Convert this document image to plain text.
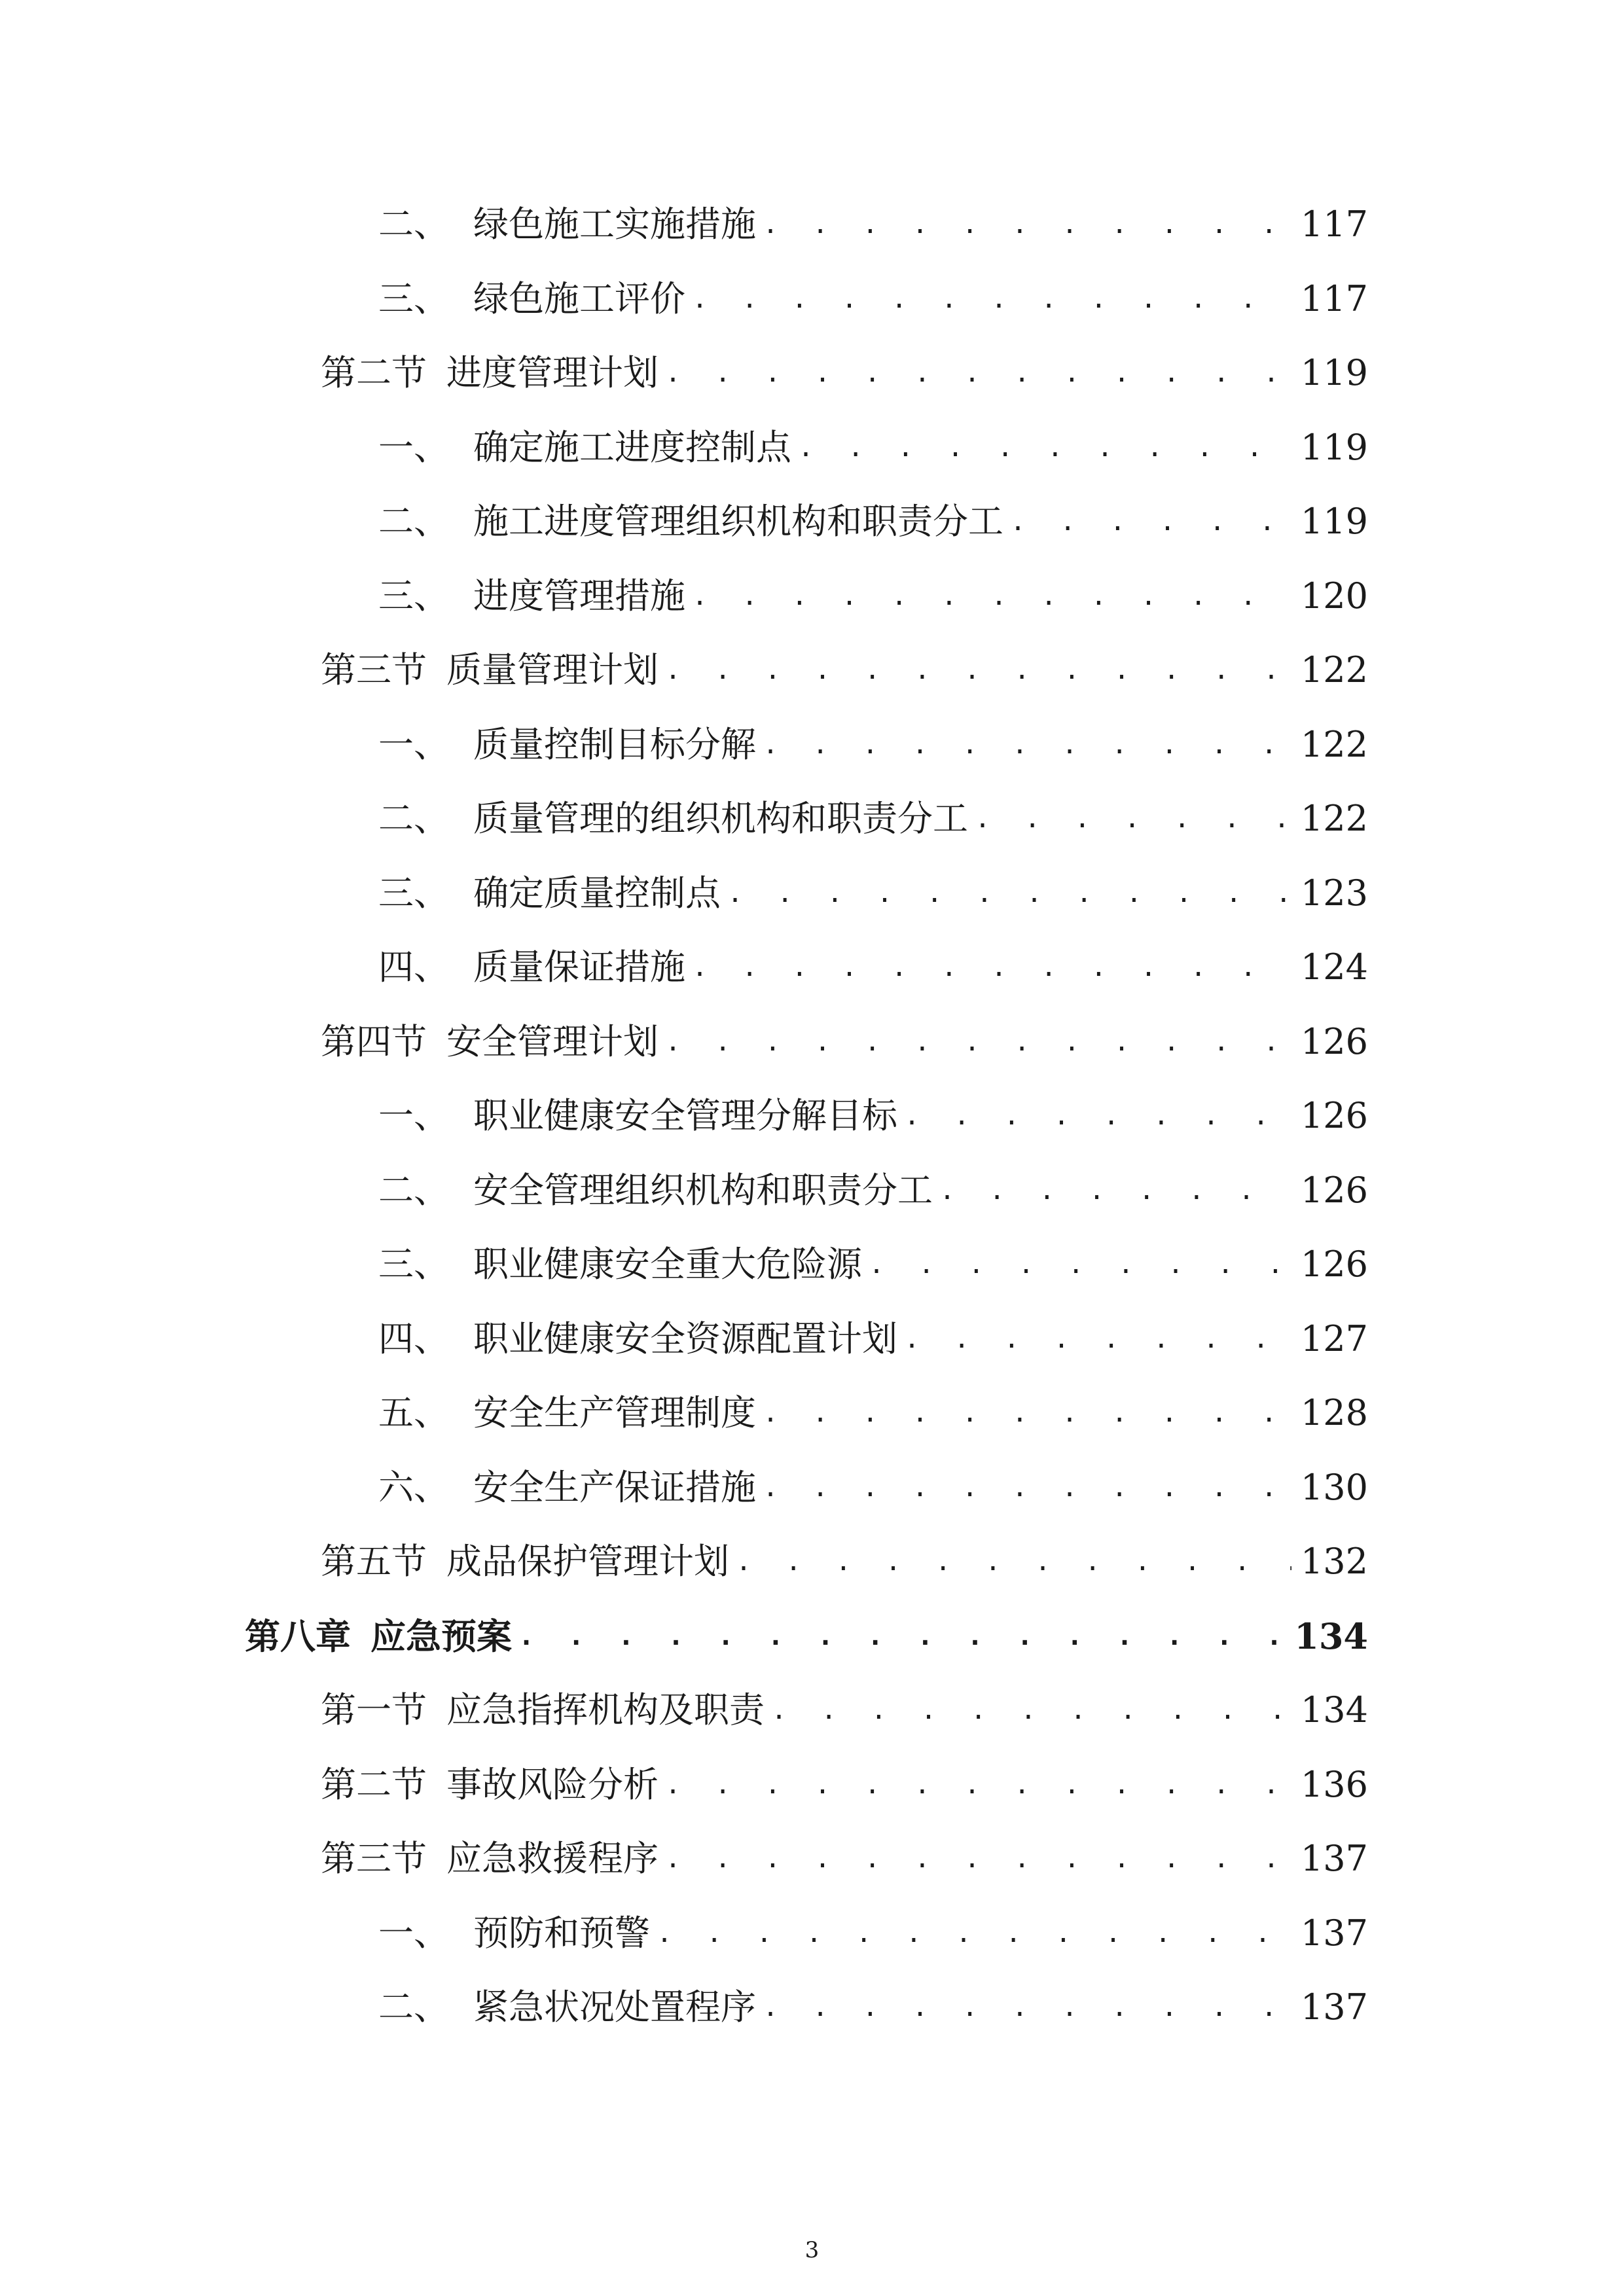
二、 绿色施工实施措施 . . .	117
三、 绿色施工评价 . . .	117
第二节 进度管理计划 . . .	119
一、 确定施工进度控制点 . . .	119
二、 施工进度管理组织机构和职责分工 . . .	119
三、 进度管理措施 . . .	120
第三节 质量管理计划 . . .	122
一、 质量控制目标分解 . . .	122
二、 质量管理的组织机构和职责分工 . . .	122
三、 确定质量控制点 . . .	123
四、 质量保证措施 . . .	124
第四节 安全管理计划 . . .	126
一、 职业健康安全管理分解目标 . . .	126
二、 安全管理组织机构和职责分工 . . .	126
三、 职业健康安全重大危险源 . . .	126
四、 职业健康安全资源配置计划 . . .	127
五、 安全生产管理制度 . . .	128
六、 安全生产保证措施 . . .	130
第五节 成品保护管理计划 . . .	132
第八章 应急预案 . . .	134
第一节 应急指挥机构及职责 . . .	134
第二节 事故风险分析 . . .	136
第三节 应急救援程序 . . .	137
一、 预防和预警 . . .	137
二、 紧急状况处置程序 . . .	137
3
